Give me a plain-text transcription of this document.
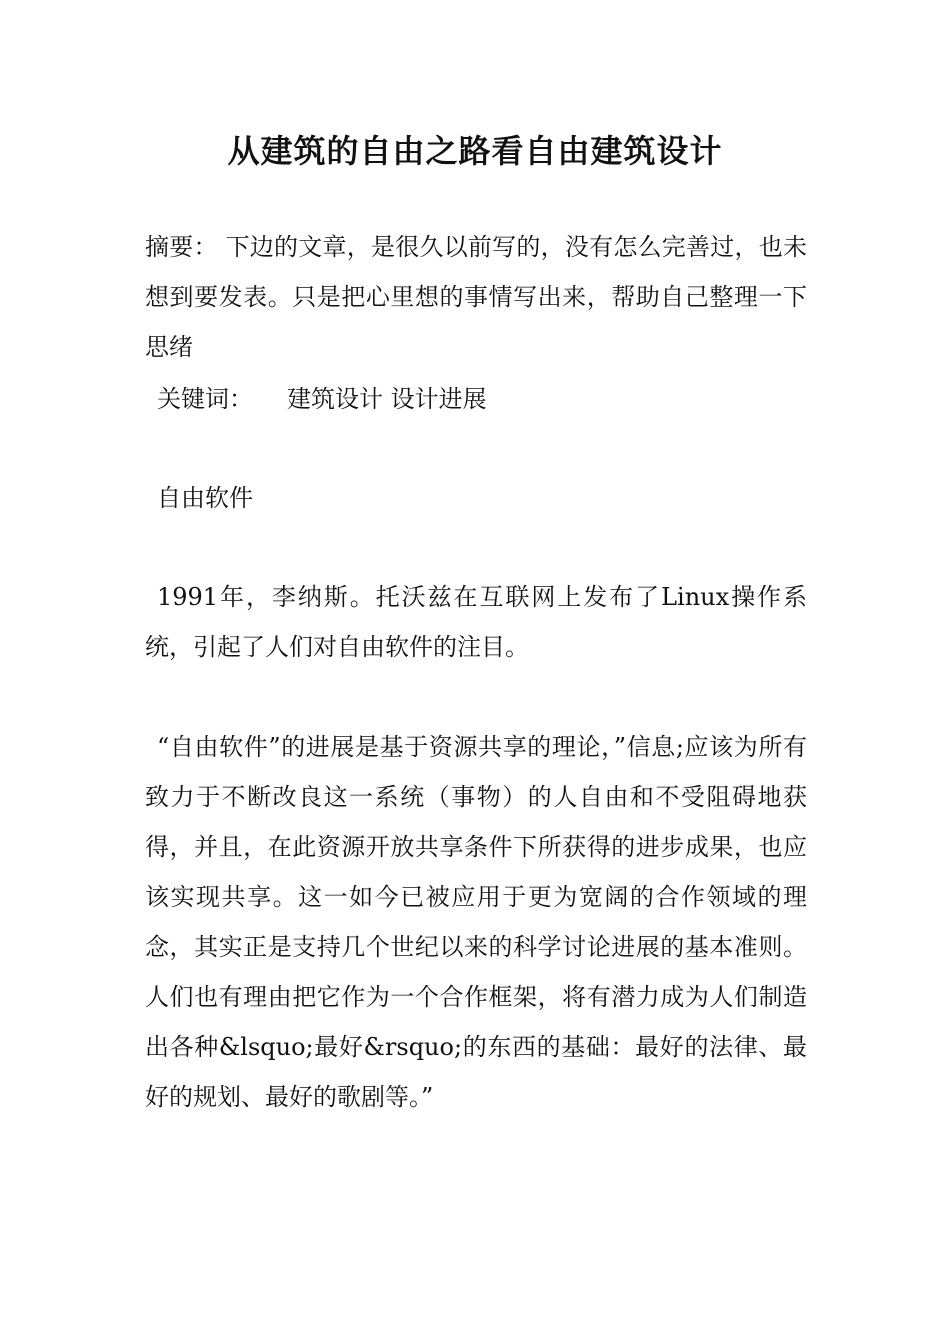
从建筑的自由之路看自由建筑设计

摘要： 下边的文章，是很久以前写的，没有怎么完善过，也未想到要发表。只是把心里想的事情写出来，帮助自己整理一下思绪

关键词： 建筑设计 设计进展

自由软件

1991年，李纳斯。托沃兹在互联网上发布了Linux操作系统，引起了人们对自由软件的注目。

“自由软件”的进展是基于资源共享的理论，”信息;应该为所有致力于不断改良这一系统（事物）的人自由和不受阻碍地获得，并且，在此资源开放共享条件下所获得的进步成果，也应该实现共享。这一如今已被应用于更为宽阔的合作领域的理念，其实正是支持几个世纪以来的科学讨论进展的基本准则。人们也有理由把它作为一个合作框架，将有潜力成为人们制造出各种&lsquo;最好&rsquo;的东西的基础：最好的法律、最好的规划、最好的歌剧等。”
